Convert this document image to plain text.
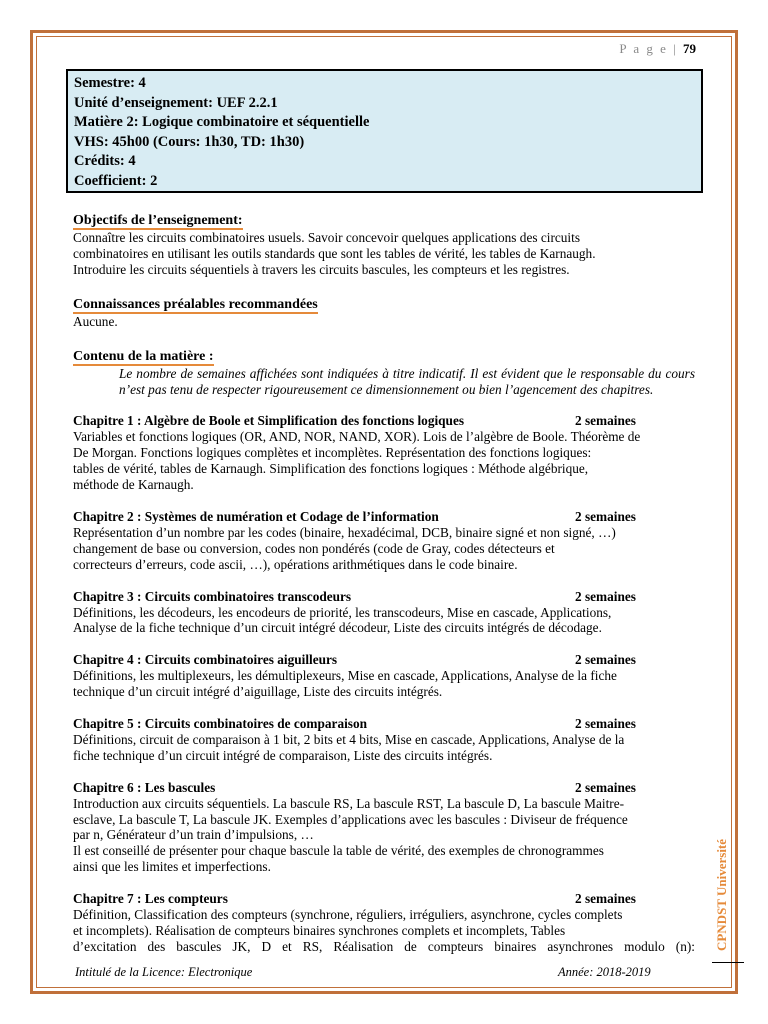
P a g e | 79
Semestre: 4
Unité d’enseignement: UEF 2.2.1
Matière 2: Logique combinatoire et séquentielle
VHS: 45h00 (Cours: 1h30, TD: 1h30)
Crédits: 4
Coefficient: 2
Objectifs de l’enseignement:
Connaître les circuits combinatoires usuels. Savoir concevoir quelques applications des circuits
combinatoires en utilisant les outils standards que sont les tables de vérité, les tables de Karnaugh.
Introduire les circuits séquentiels à travers les circuits bascules, les compteurs et les registres.
Connaissances préalables recommandées
Aucune.
Contenu de la matière :
Le nombre de semaines affichées sont indiquées à titre indicatif. Il est évident que le responsable du cours n’est pas tenu de respecter rigoureusement ce dimensionnement ou bien l’agencement des chapitres.
Chapitre 1 : Algèbre de Boole et Simplification des fonctions logiques	2 semaines
Variables et fonctions logiques (OR, AND, NOR, NAND, XOR). Lois de l’algèbre de Boole. Théorème de
De Morgan. Fonctions logiques complètes et incomplètes. Représentation des fonctions logiques:
tables de vérité, tables de Karnaugh. Simplification des fonctions logiques : Méthode algébrique,
méthode de Karnaugh.
Chapitre 2 : Systèmes de numération et Codage de l’information	2 semaines
Représentation d’un nombre par les codes (binaire, hexadécimal, DCB, binaire signé et non signé, …)
changement de base ou conversion, codes non pondérés (code de Gray, codes détecteurs et
correcteurs d’erreurs, code ascii, …), opérations arithmétiques dans le code binaire.
Chapitre 3 : Circuits combinatoires transcodeurs	2 semaines
Définitions, les décodeurs, les encodeurs de priorité, les transcodeurs, Mise en cascade, Applications,
Analyse de la fiche technique d’un circuit intégré décodeur, Liste des circuits intégrés de décodage.
Chapitre 4 : Circuits combinatoires aiguilleurs	2 semaines
Définitions, les multiplexeurs, les démultiplexeurs, Mise en cascade, Applications, Analyse de la fiche
technique d’un circuit intégré d’aiguillage, Liste des circuits intégrés.
Chapitre 5 : Circuits combinatoires de comparaison	2 semaines
Définitions, circuit de comparaison à 1 bit, 2 bits et 4 bits, Mise en cascade, Applications, Analyse de la
fiche technique d’un circuit intégré de comparaison, Liste des circuits intégrés.
Chapitre 6 : Les bascules	2 semaines
Introduction aux circuits séquentiels. La bascule RS, La bascule RST, La bascule D, La bascule Maitre-
esclave, La bascule T, La bascule JK. Exemples d’applications avec les bascules : Diviseur de fréquence
par n, Générateur d’un train d’impulsions, …
Il est conseillé de présenter pour chaque bascule la table de vérité, des exemples de chronogrammes
ainsi que les limites et imperfections.
Chapitre 7 : Les compteurs	2 semaines
Définition, Classification des compteurs (synchrone, réguliers, irréguliers, asynchrone, cycles complets
et incomplets). Réalisation de compteurs binaires synchrones complets et incomplets, Tables
d’excitation des bascules JK, D et RS, Réalisation de compteurs binaires asynchrones modulo (n): CPNDST Université
Intitulé de la Licence: Electronique	Année: 2018-2019
